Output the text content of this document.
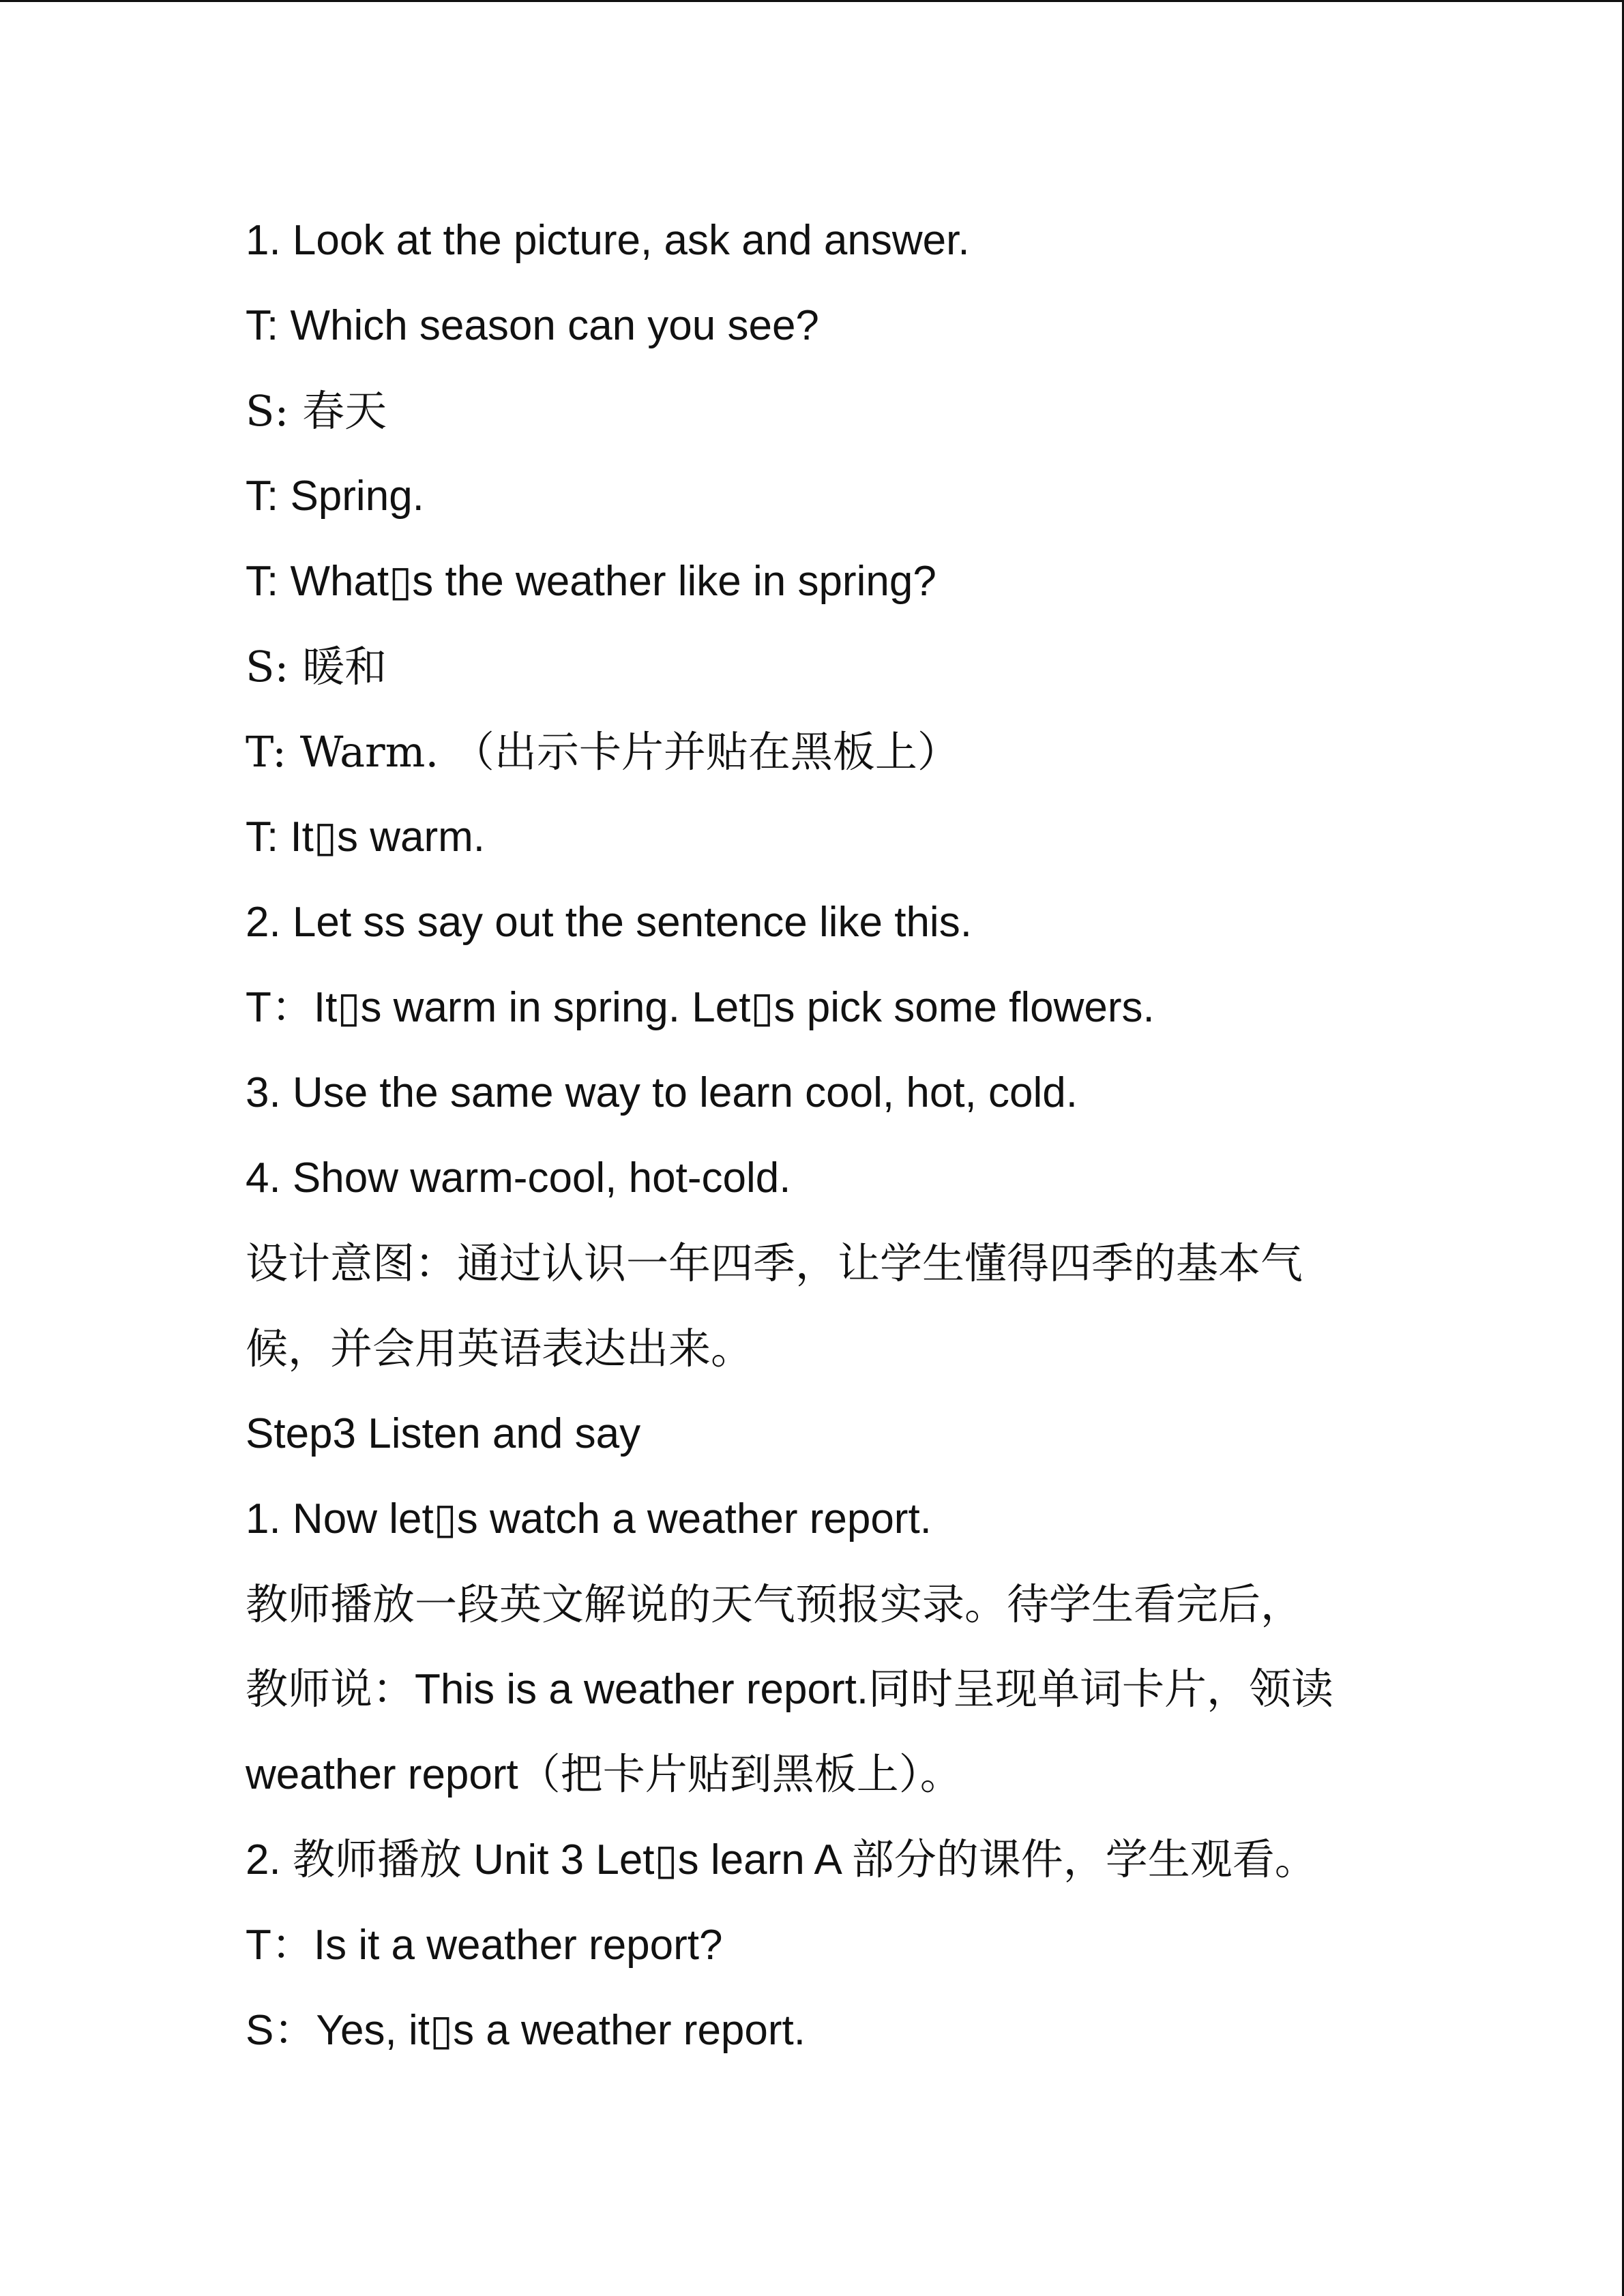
1. Look at the picture, ask and answer.
T: Which season can you see?
S: 春天
T: Spring.
T: What▯s the weather like in spring?
S: 暖和
T: Warm. （出示卡片并贴在黑板上）
T: It▯s warm.
2. Let ss say out the sentence like this.
T：It▯s warm in spring. Let▯s pick some flowers.
3. Use the same way to learn cool, hot, cold.
4. Show warm-cool, hot-cold.
设计意图：通过认识一年四季，让学生懂得四季的基本气
候，并会用英语表达出来。
Step3 Listen and say
1. Now let▯s watch a weather report.
教师播放一段英文解说的天气预报实录。待学生看完后，
教师说：This is a weather report.同时呈现单词卡片，领读
weather report（把卡片贴到黑板上）。
2. 教师播放 Unit 3 Let▯s learn A 部分的课件，学生观看。
T：Is it a weather report?
S：Yes, it▯s a weather report.
